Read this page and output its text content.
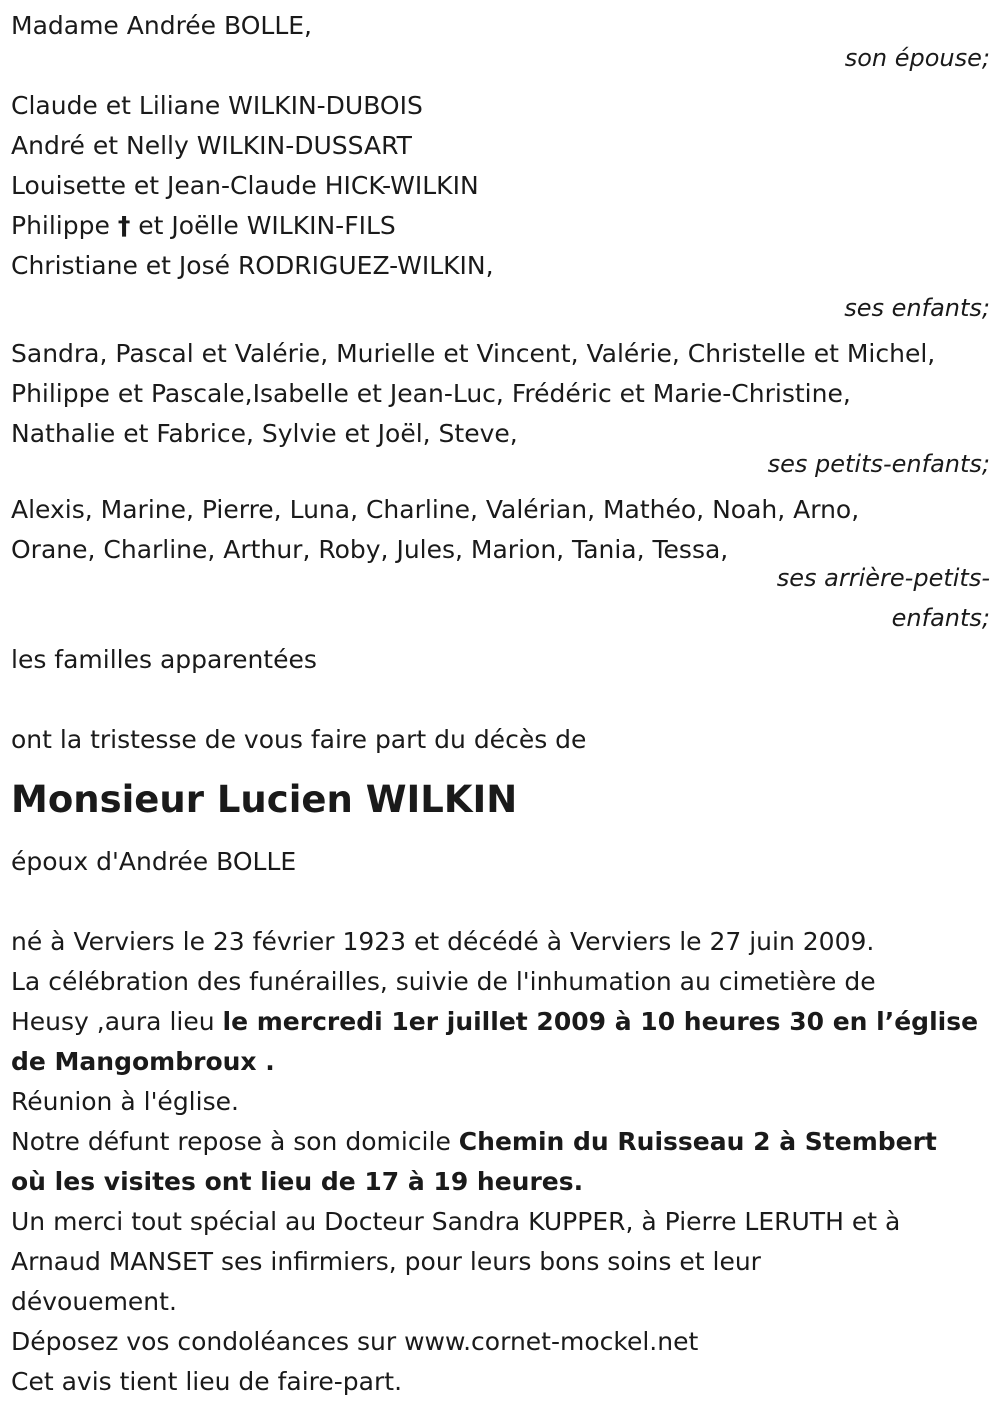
Madame Andrée BOLLE,
son épouse;
Claude et Liliane WILKIN-DUBOIS
André et Nelly WILKIN-DUSSART
Louisette et Jean-Claude HICK-WILKIN
Philippe † et Joëlle WILKIN-FILS
Christiane et José RODRIGUEZ-WILKIN,
ses enfants;
Sandra, Pascal et Valérie, Murielle et Vincent, Valérie, Christelle et Michel,
Philippe et Pascale,Isabelle et Jean-Luc, Frédéric et Marie-Christine,
Nathalie et Fabrice, Sylvie et Joël, Steve,
ses petits-enfants;
Alexis, Marine, Pierre, Luna, Charline, Valérian, Mathéo, Noah, Arno,
Orane, Charline, Arthur, Roby, Jules, Marion, Tania, Tessa,
ses arrière-petits-
enfants;
les familles apparentées
ont la tristesse de vous faire part du décès de
Monsieur Lucien WILKIN
époux d'Andrée BOLLE
né à Verviers le 23 février 1923 et décédé à Verviers le 27 juin 2009.
La célébration des funérailles, suivie de l'inhumation au cimetière de
Heusy ,aura lieu le mercredi 1er juillet 2009 à 10 heures 30 en l’église
de Mangombroux .
Réunion à l'église.
Notre défunt repose à son domicile Chemin du Ruisseau 2 à Stembert
où les visites ont lieu de 17 à 19 heures.
Un merci tout spécial au Docteur Sandra KUPPER, à Pierre LERUTH et à
Arnaud MANSET ses infirmiers, pour leurs bons soins et leur
dévouement.
Déposez vos condoléances sur www.cornet-mockel.net
Cet avis tient lieu de faire-part.
